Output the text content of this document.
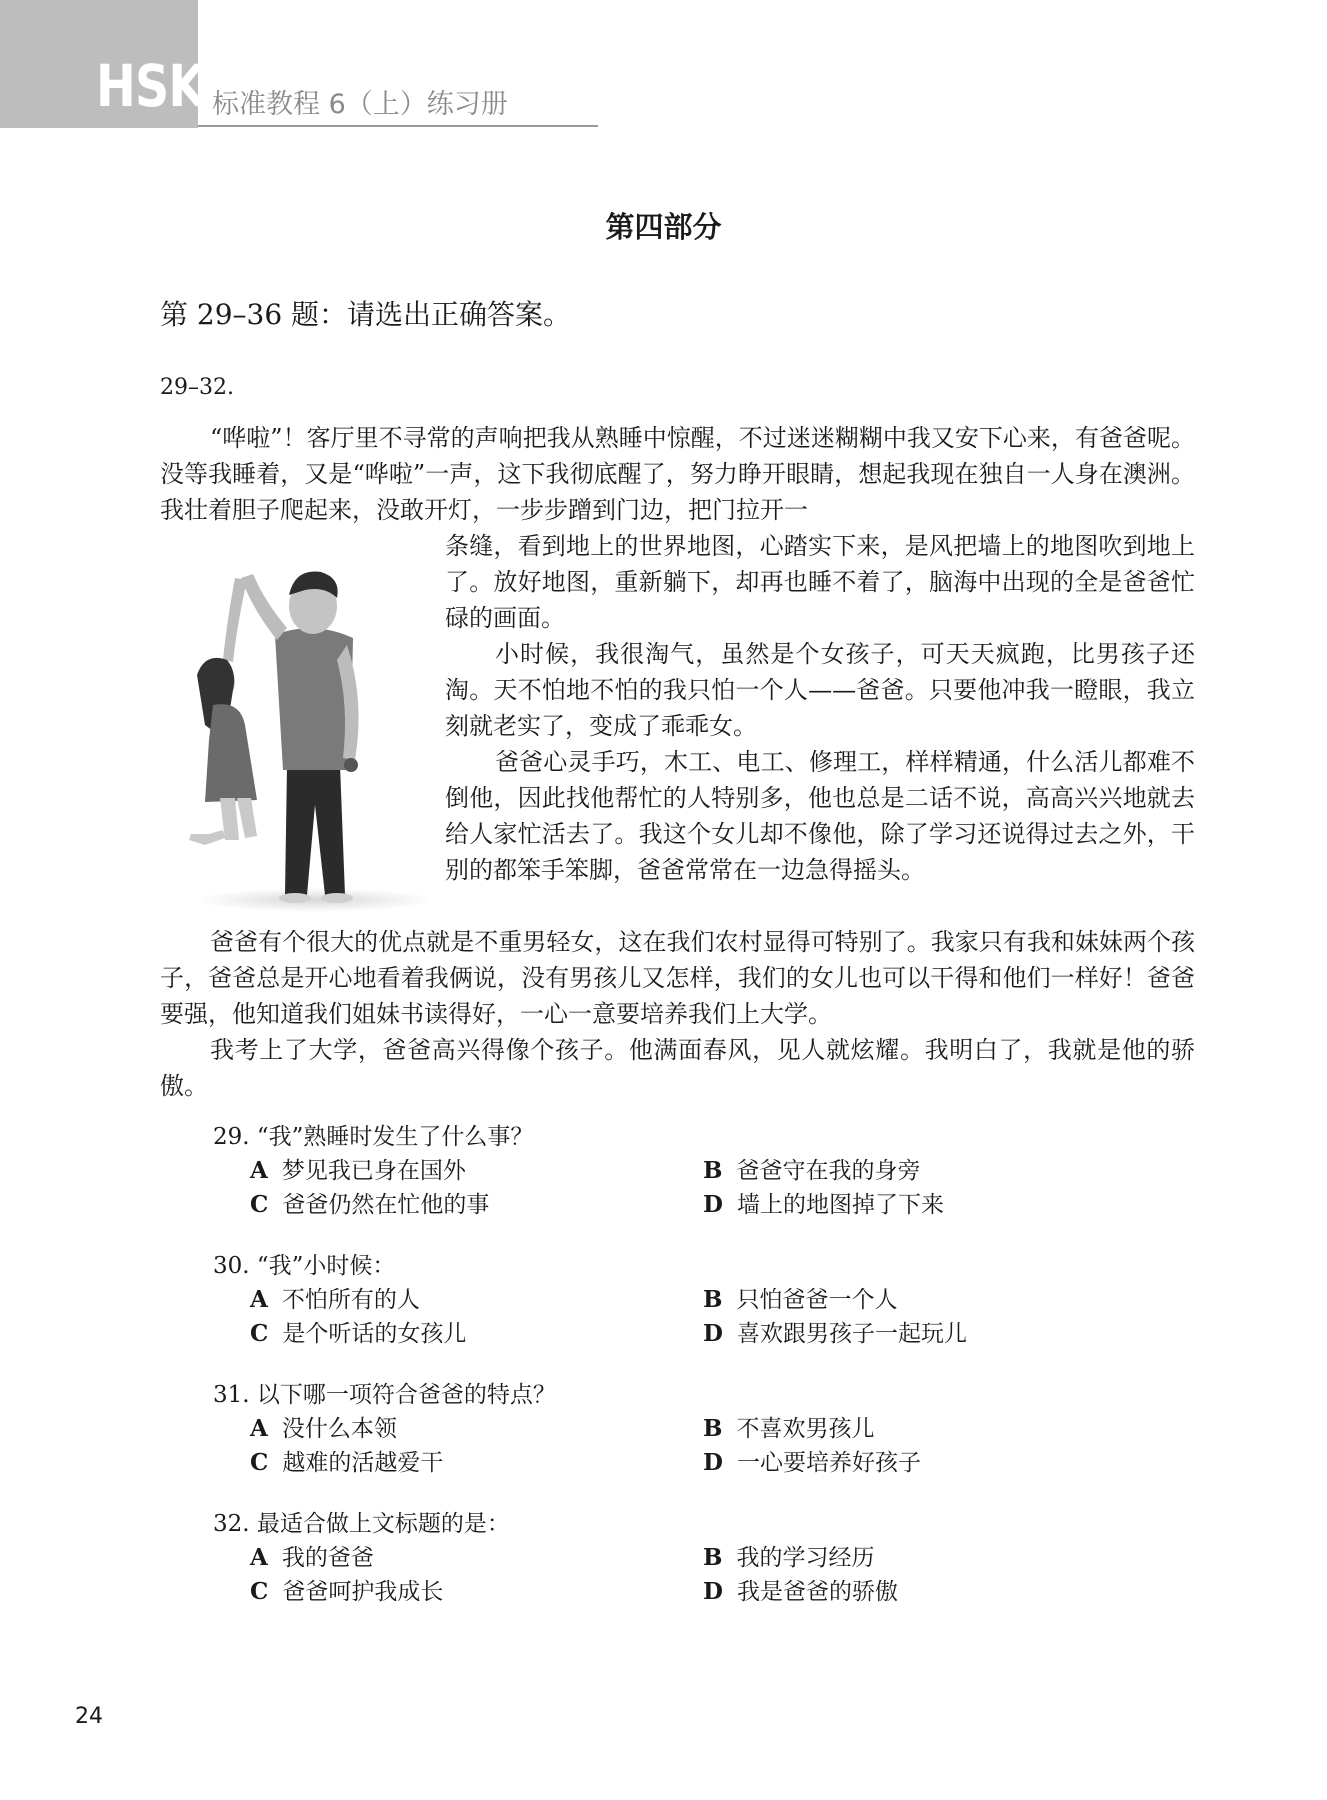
HSK 标准教程 6（上）练习册
第四部分
第 29–36 题：请选出正确答案。
29–32.

“哗啦”！客厅里不寻常的声响把我从熟睡中惊醒，不过迷迷糊糊中我又安下心来，有爸爸呢。没等我睡着，又是“哗啦”一声，这下我彻底醒了，努力睁开眼睛，想起我现在独自一人身在澳洲。我壮着胆子爬起来，没敢开灯，一步步蹭到门边，把门拉开一

条缝，看到地上的世界地图，心踏实下来，是风把墙上的地图吹到地上了。放好地图，重新躺下，却再也睡不着了，脑海中出现的全是爸爸忙碌的画面。

小时候，我很淘气，虽然是个女孩子，可天天疯跑，比男孩子还淘。天不怕地不怕的我只怕一个人——爸爸。只要他冲我一瞪眼，我立刻就老实了，变成了乖乖女。

爸爸心灵手巧，木工、电工、修理工，样样精通，什么活儿都难不倒他，因此找他帮忙的人特别多，他也总是二话不说，高高兴兴地就去给人家忙活去了。我这个女儿却不像他，除了学习还说得过去之外，干别的都笨手笨脚，爸爸常常在一边急得摇头。

爸爸有个很大的优点就是不重男轻女，这在我们农村显得可特别了。我家只有我和妹妹两个孩子，爸爸总是开心地看着我俩说，没有男孩儿又怎样，我们的女儿也可以干得和他们一样好！爸爸要强，他知道我们姐妹书读得好，一心一意要培养我们上大学。

我考上了大学，爸爸高兴得像个孩子。他满面春风，见人就炫耀。我明白了，我就是他的骄傲。

29. “我”熟睡时发生了什么事？
A 梦见我已身在国外	B 爸爸守在我的身旁
C 爸爸仍然在忙他的事	D 墙上的地图掉了下来
30. “我”小时候：
A 不怕所有的人	B 只怕爸爸一个人
C 是个听话的女孩儿	D 喜欢跟男孩子一起玩儿
31. 以下哪一项符合爸爸的特点？
A 没什么本领	B 不喜欢男孩儿
C 越难的活越爱干	D 一心要培养好孩子
32. 最适合做上文标题的是：
A 我的爸爸	B 我的学习经历
C 爸爸呵护我成长	D 我是爸爸的骄傲
24
